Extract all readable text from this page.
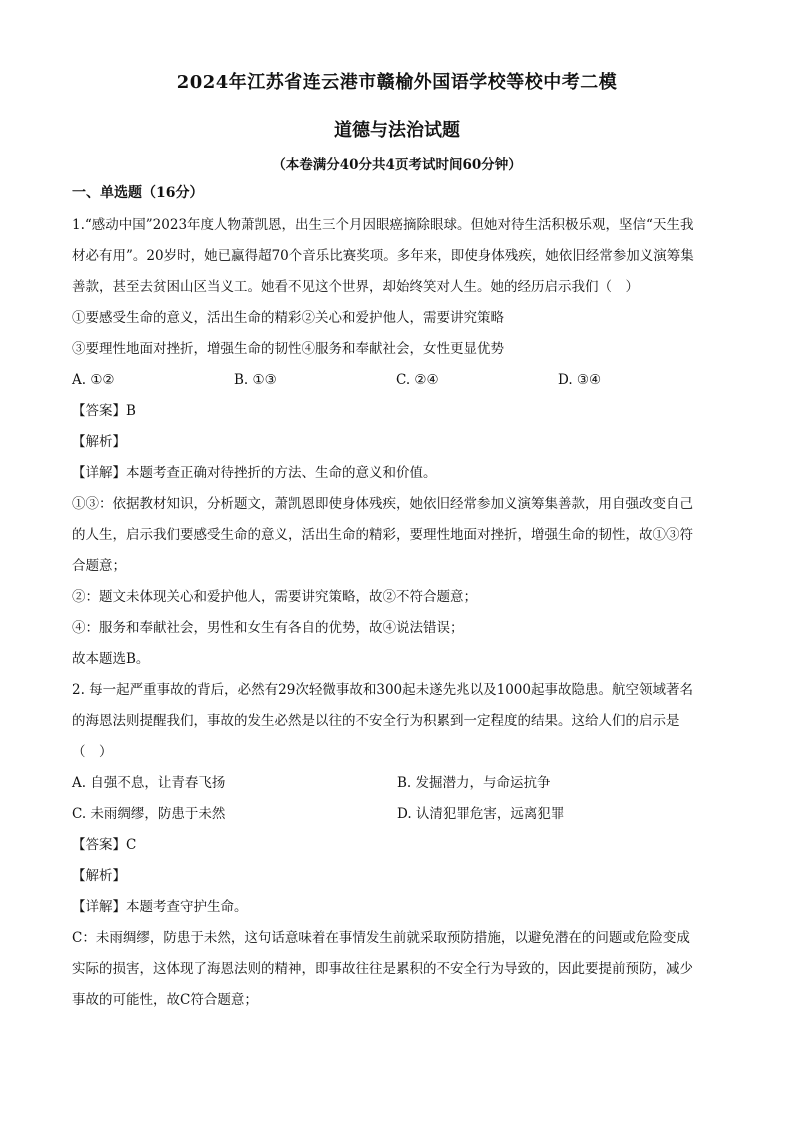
2024年江苏省连云港市赣榆外国语学校等校中考二模
道德与法治试题
（本卷满分40分共4页考试时间60分钟）
一、单选题（16分）

1.“感动中国”2023年度人物萧凯恩，出生三个月因眼癌摘除眼球。但她对待生活积极乐观，坚信“天生我

材必有用”。20岁时，她已赢得超70个音乐比赛奖项。多年来，即使身体残疾，她依旧经常参加义演筹集

善款，甚至去贫困山区当义工。她看不见这个世界，却始终笑对人生。她的经历启示我们（　）

①要感受生命的意义，活出生命的精彩②关心和爱护他人，需要讲究策略

③要理性地面对挫折，增强生命的韧性④服务和奉献社会，女性更显优势

A. ①②	B. ①③	C. ②④	D. ③④

【答案】B

【解析】

【详解】本题考查正确对待挫折的方法、生命的意义和价值。

①③：依据教材知识，分析题文，萧凯恩即使身体残疾，她依旧经常参加义演筹集善款，用自强改变自己

的人生，启示我们要感受生命的意义，活出生命的精彩，要理性地面对挫折，增强生命的韧性，故①③符

合题意；

②：题文未体现关心和爱护他人，需要讲究策略，故②不符合题意；

④：服务和奉献社会，男性和女生有各自的优势，故④说法错误；

故本题选B。

2. 每一起严重事故的背后，必然有29次轻微事故和300起未遂先兆以及1000起事故隐患。航空领域著名

的海恩法则提醒我们，事故的发生必然是以往的不安全行为积累到一定程度的结果。这给人们的启示是

（　）

A. 自强不息，让青春飞扬	B. 发掘潜力，与命运抗争
C. 未雨绸缪，防患于未然	D. 认清犯罪危害，远离犯罪

【答案】C

【解析】

【详解】本题考查守护生命。

C：未雨绸缪，防患于未然，这句话意味着在事情发生前就采取预防措施，以避免潜在的问题或危险变成

实际的损害，这体现了海恩法则的精神，即事故往往是累积的不安全行为导致的，因此要提前预防，减少

事故的可能性，故C符合题意；
